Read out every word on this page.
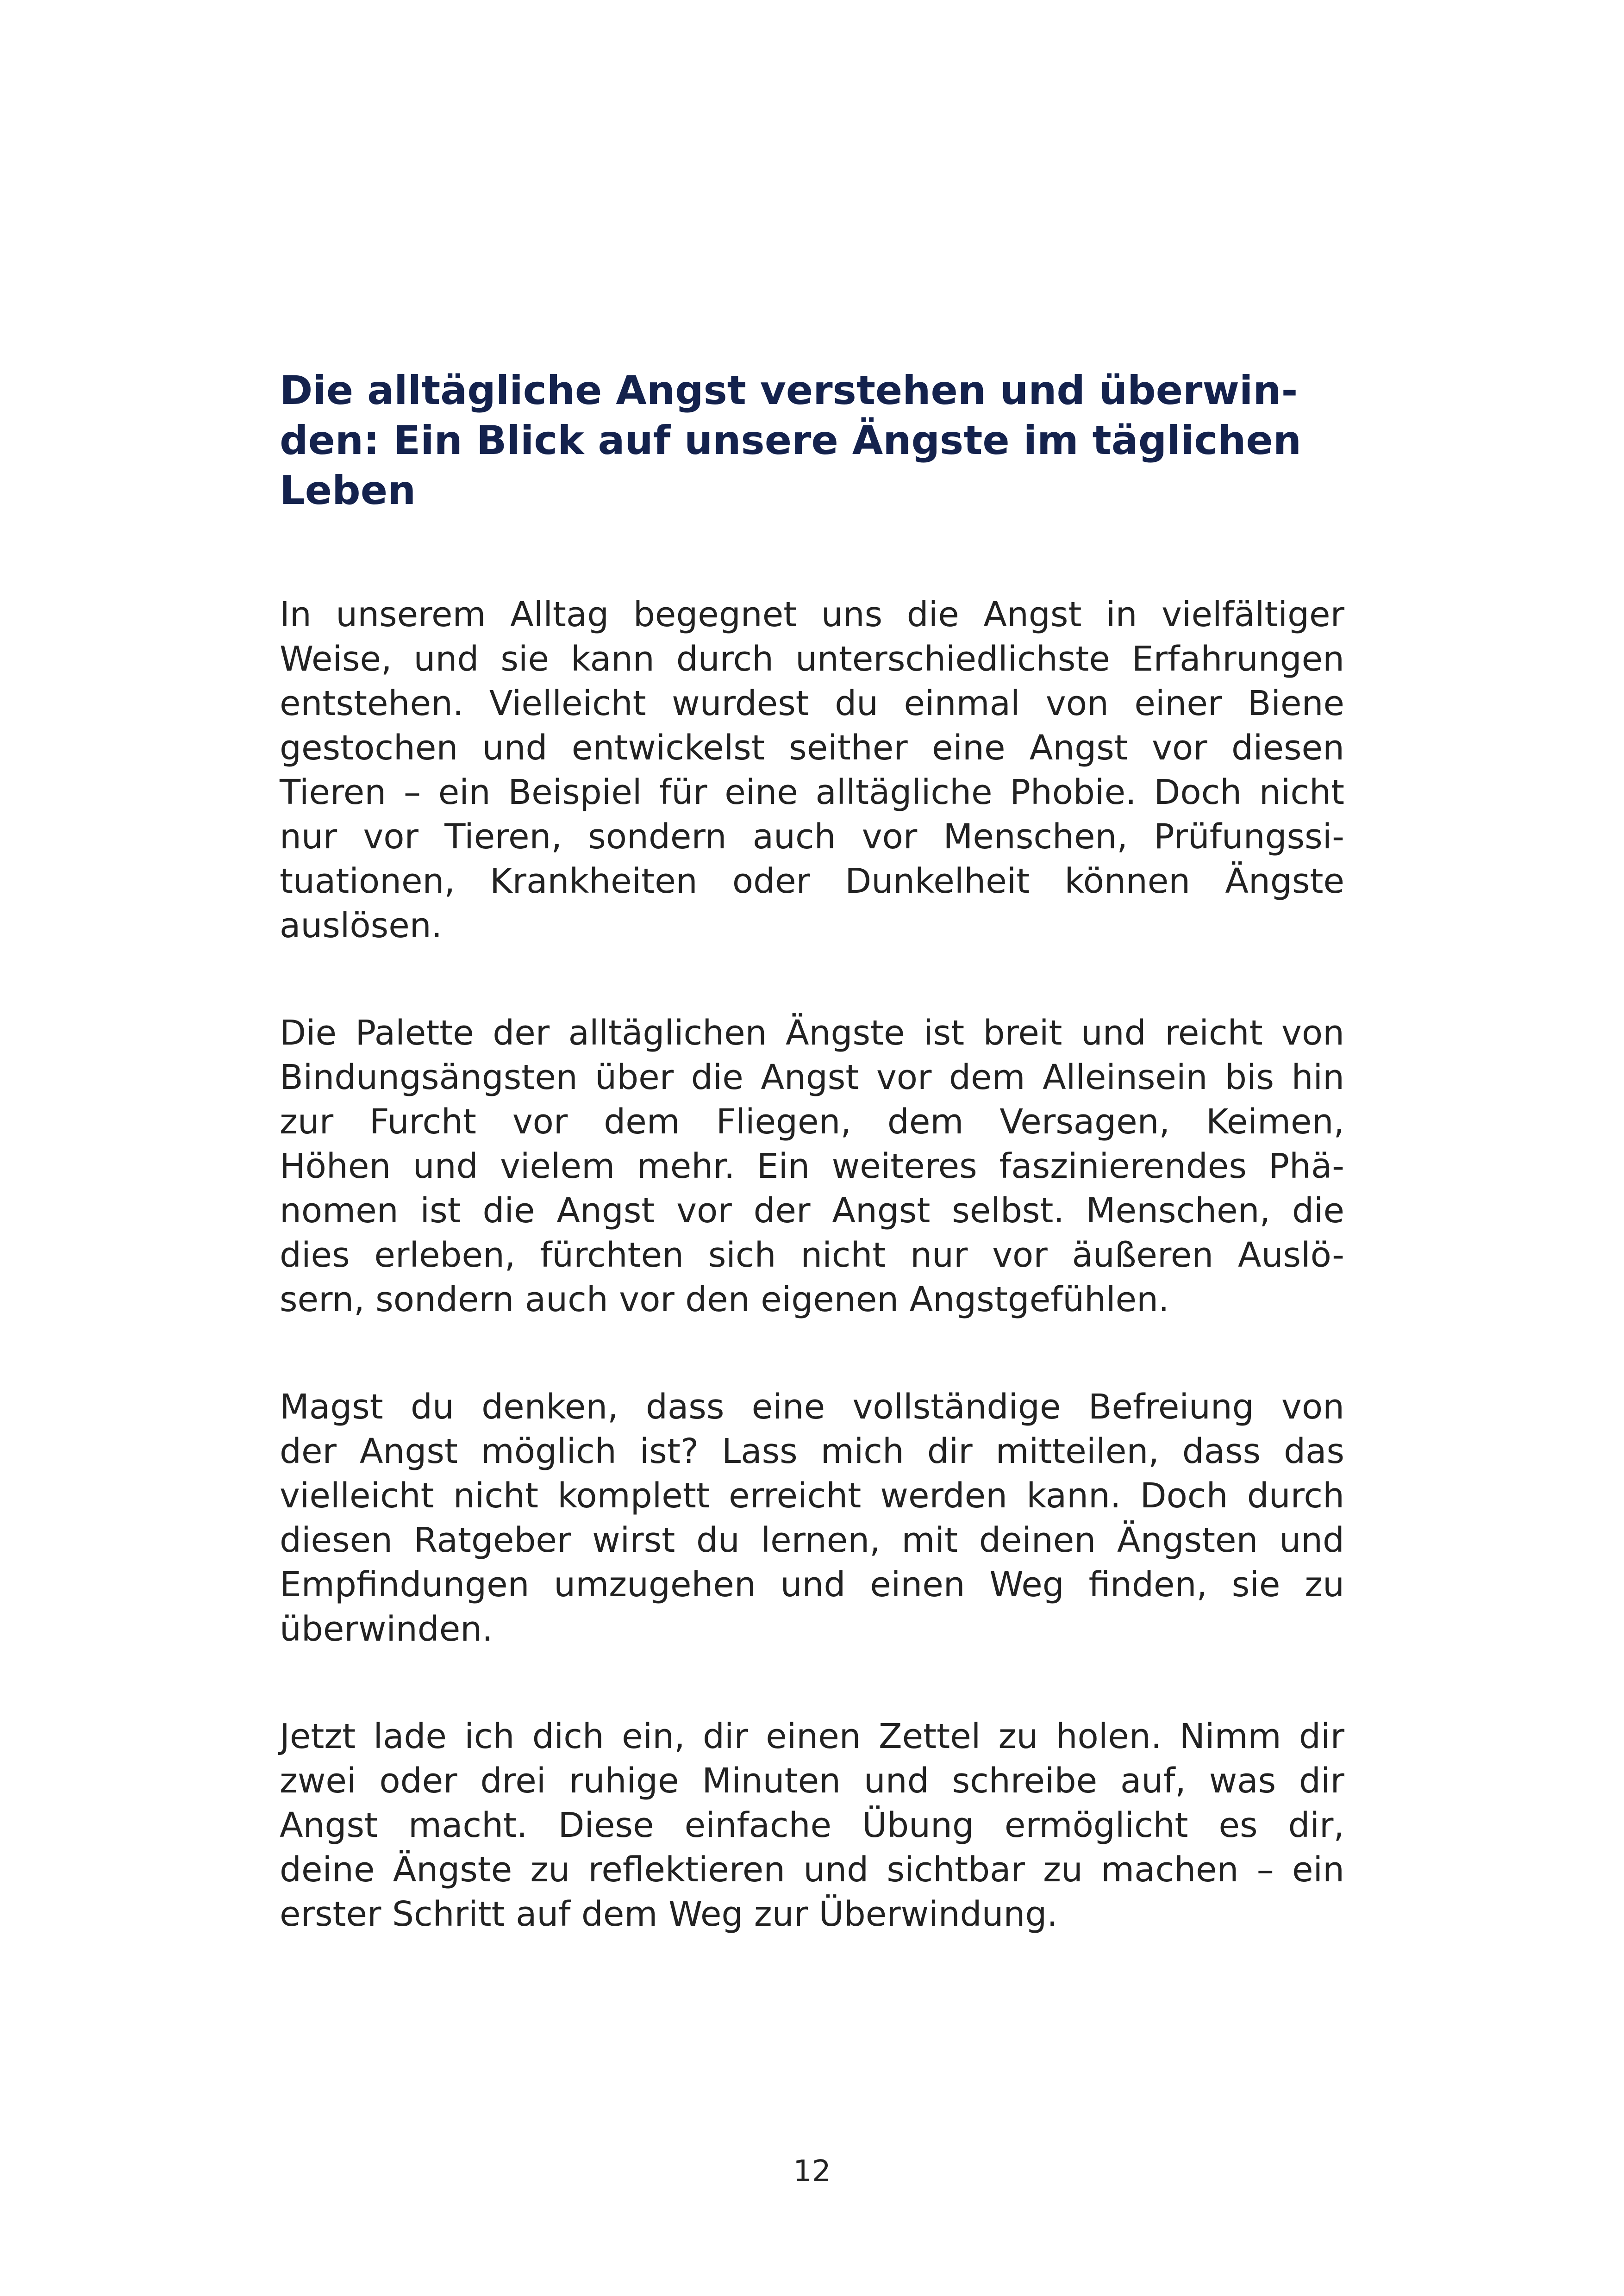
Die alltägliche Angst verstehen und überwin-
den: Ein Blick auf unsere Ängste im täglichen
Leben

In unserem Alltag begegnet uns die Angst in vielfältiger
Weise, und sie kann durch unterschiedlichste Erfahrungen
entstehen. Vielleicht wurdest du einmal von einer Biene
gestochen und entwickelst seither eine Angst vor diesen
Tieren – ein Beispiel für eine alltägliche Phobie. Doch nicht
nur vor Tieren, sondern auch vor Menschen, Prüfungssi-
tuationen, Krankheiten oder Dunkelheit können Ängste
auslösen.

Die Palette der alltäglichen Ängste ist breit und reicht von
Bindungsängsten über die Angst vor dem Alleinsein bis hin
zur Furcht vor dem Fliegen, dem Versagen, Keimen,
Höhen und vielem mehr. Ein weiteres faszinierendes Phä-
nomen ist die Angst vor der Angst selbst. Menschen, die
dies erleben, fürchten sich nicht nur vor äußeren Auslö-
sern, sondern auch vor den eigenen Angstgefühlen.

Magst du denken, dass eine vollständige Befreiung von
der Angst möglich ist? Lass mich dir mitteilen, dass das
vielleicht nicht komplett erreicht werden kann. Doch durch
diesen Ratgeber wirst du lernen, mit deinen Ängsten und
Empfindungen umzugehen und einen Weg finden, sie zu
überwinden.

Jetzt lade ich dich ein, dir einen Zettel zu holen. Nimm dir
zwei oder drei ruhige Minuten und schreibe auf, was dir
Angst macht. Diese einfache Übung ermöglicht es dir,
deine Ängste zu reflektieren und sichtbar zu machen – ein
erster Schritt auf dem Weg zur Überwindung.

12
